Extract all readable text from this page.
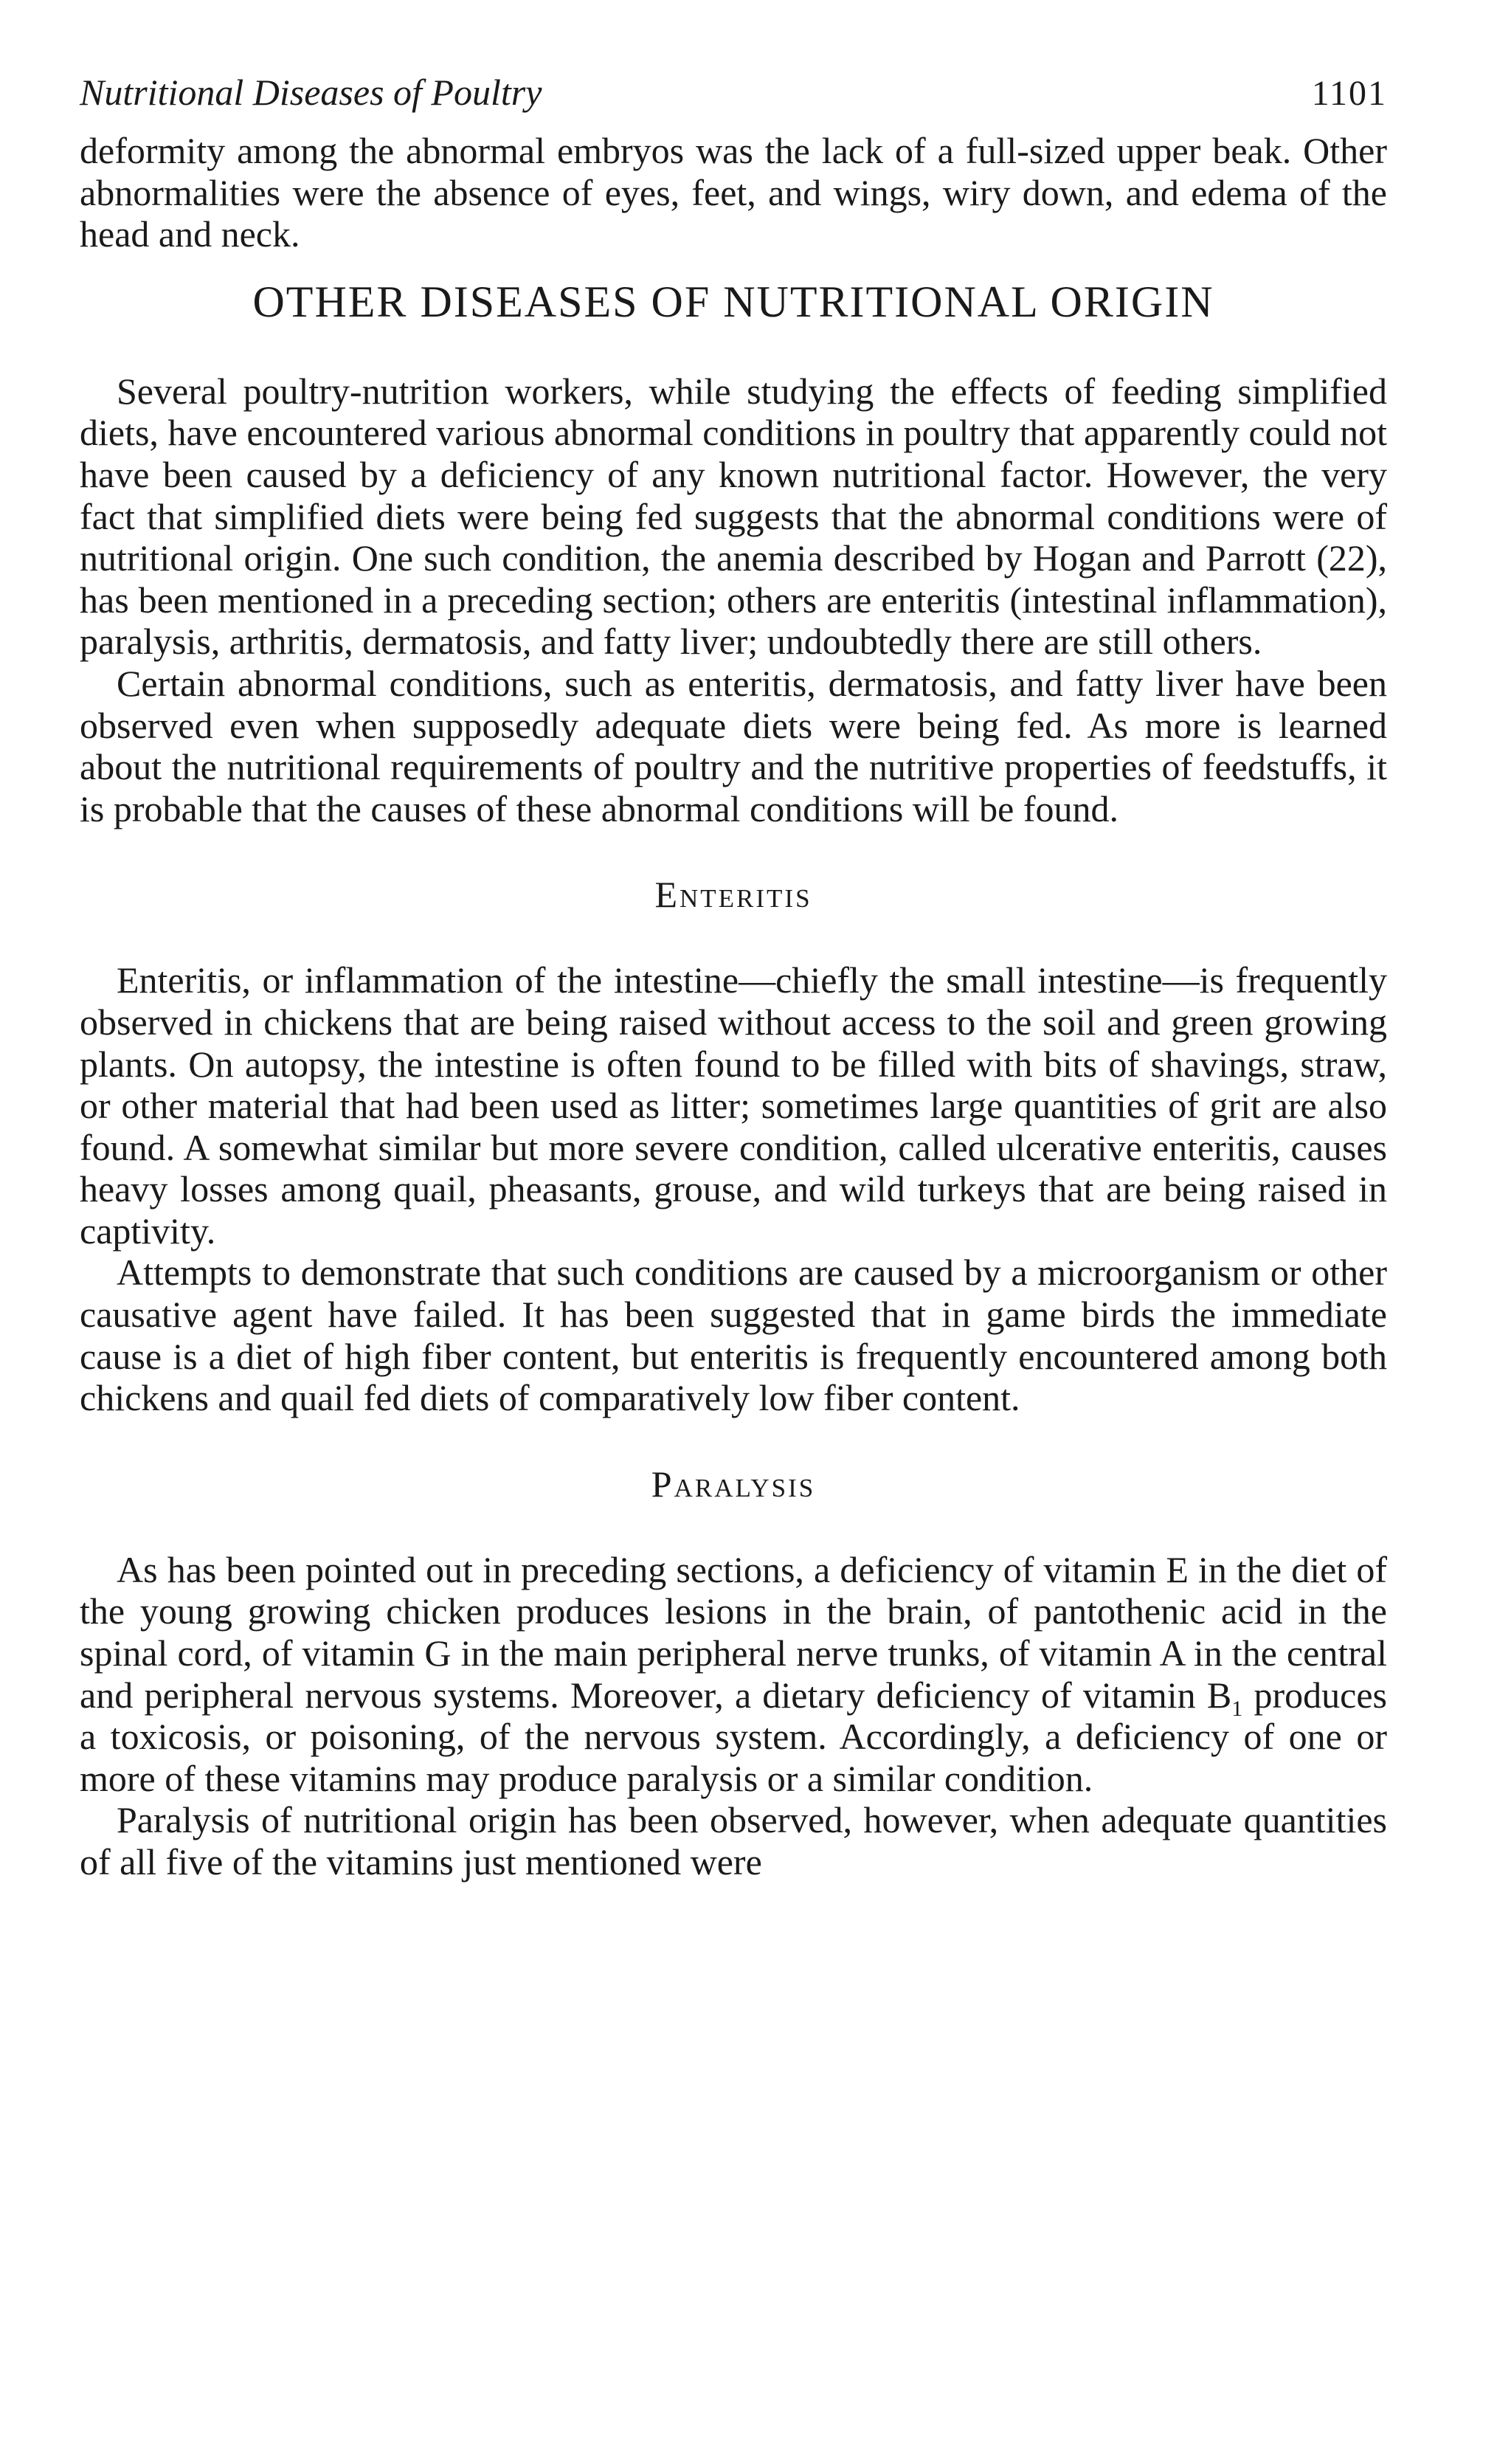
Nutritional Diseases of Poultry	1101

deformity among the abnormal embryos was the lack of a full-sized upper beak. Other abnormalities were the absence of eyes, feet, and wings, wiry down, and edema of the head and neck.

OTHER DISEASES OF NUTRITIONAL ORIGIN

Several poultry-nutrition workers, while studying the effects of feeding simplified diets, have encountered various abnormal conditions in poultry that apparently could not have been caused by a deficiency of any known nutritional factor. However, the very fact that simplified diets were being fed suggests that the abnormal conditions were of nutritional origin. One such condition, the anemia described by Hogan and Parrott (22), has been mentioned in a preceding section; others are enteritis (intestinal inflammation), paralysis, arthritis, dermatosis, and fatty liver; undoubtedly there are still others.

Certain abnormal conditions, such as enteritis, dermatosis, and fatty liver have been observed even when supposedly adequate diets were being fed. As more is learned about the nutritional requirements of poultry and the nutritive properties of feedstuffs, it is probable that the causes of these abnormal conditions will be found.

Enteritis

Enteritis, or inflammation of the intestine—chiefly the small intestine—is frequently observed in chickens that are being raised without access to the soil and green growing plants. On autopsy, the intestine is often found to be filled with bits of shavings, straw, or other material that had been used as litter; sometimes large quantities of grit are also found. A somewhat similar but more severe condition, called ulcerative enteritis, causes heavy losses among quail, pheasants, grouse, and wild turkeys that are being raised in captivity.

Attempts to demonstrate that such conditions are caused by a microorganism or other causative agent have failed. It has been suggested that in game birds the immediate cause is a diet of high fiber content, but enteritis is frequently encountered among both chickens and quail fed diets of comparatively low fiber content.

Paralysis

As has been pointed out in preceding sections, a deficiency of vitamin E in the diet of the young growing chicken produces lesions in the brain, of pantothenic acid in the spinal cord, of vitamin G in the main peripheral nerve trunks, of vitamin A in the central and peripheral nervous systems. Moreover, a dietary deficiency of vitamin $B_1$ produces a toxicosis, or poisoning, of the nervous system. Accordingly, a deficiency of one or more of these vitamins may produce paralysis or a similar condition.

Paralysis of nutritional origin has been observed, however, when adequate quantities of all five of the vitamins just mentioned were
